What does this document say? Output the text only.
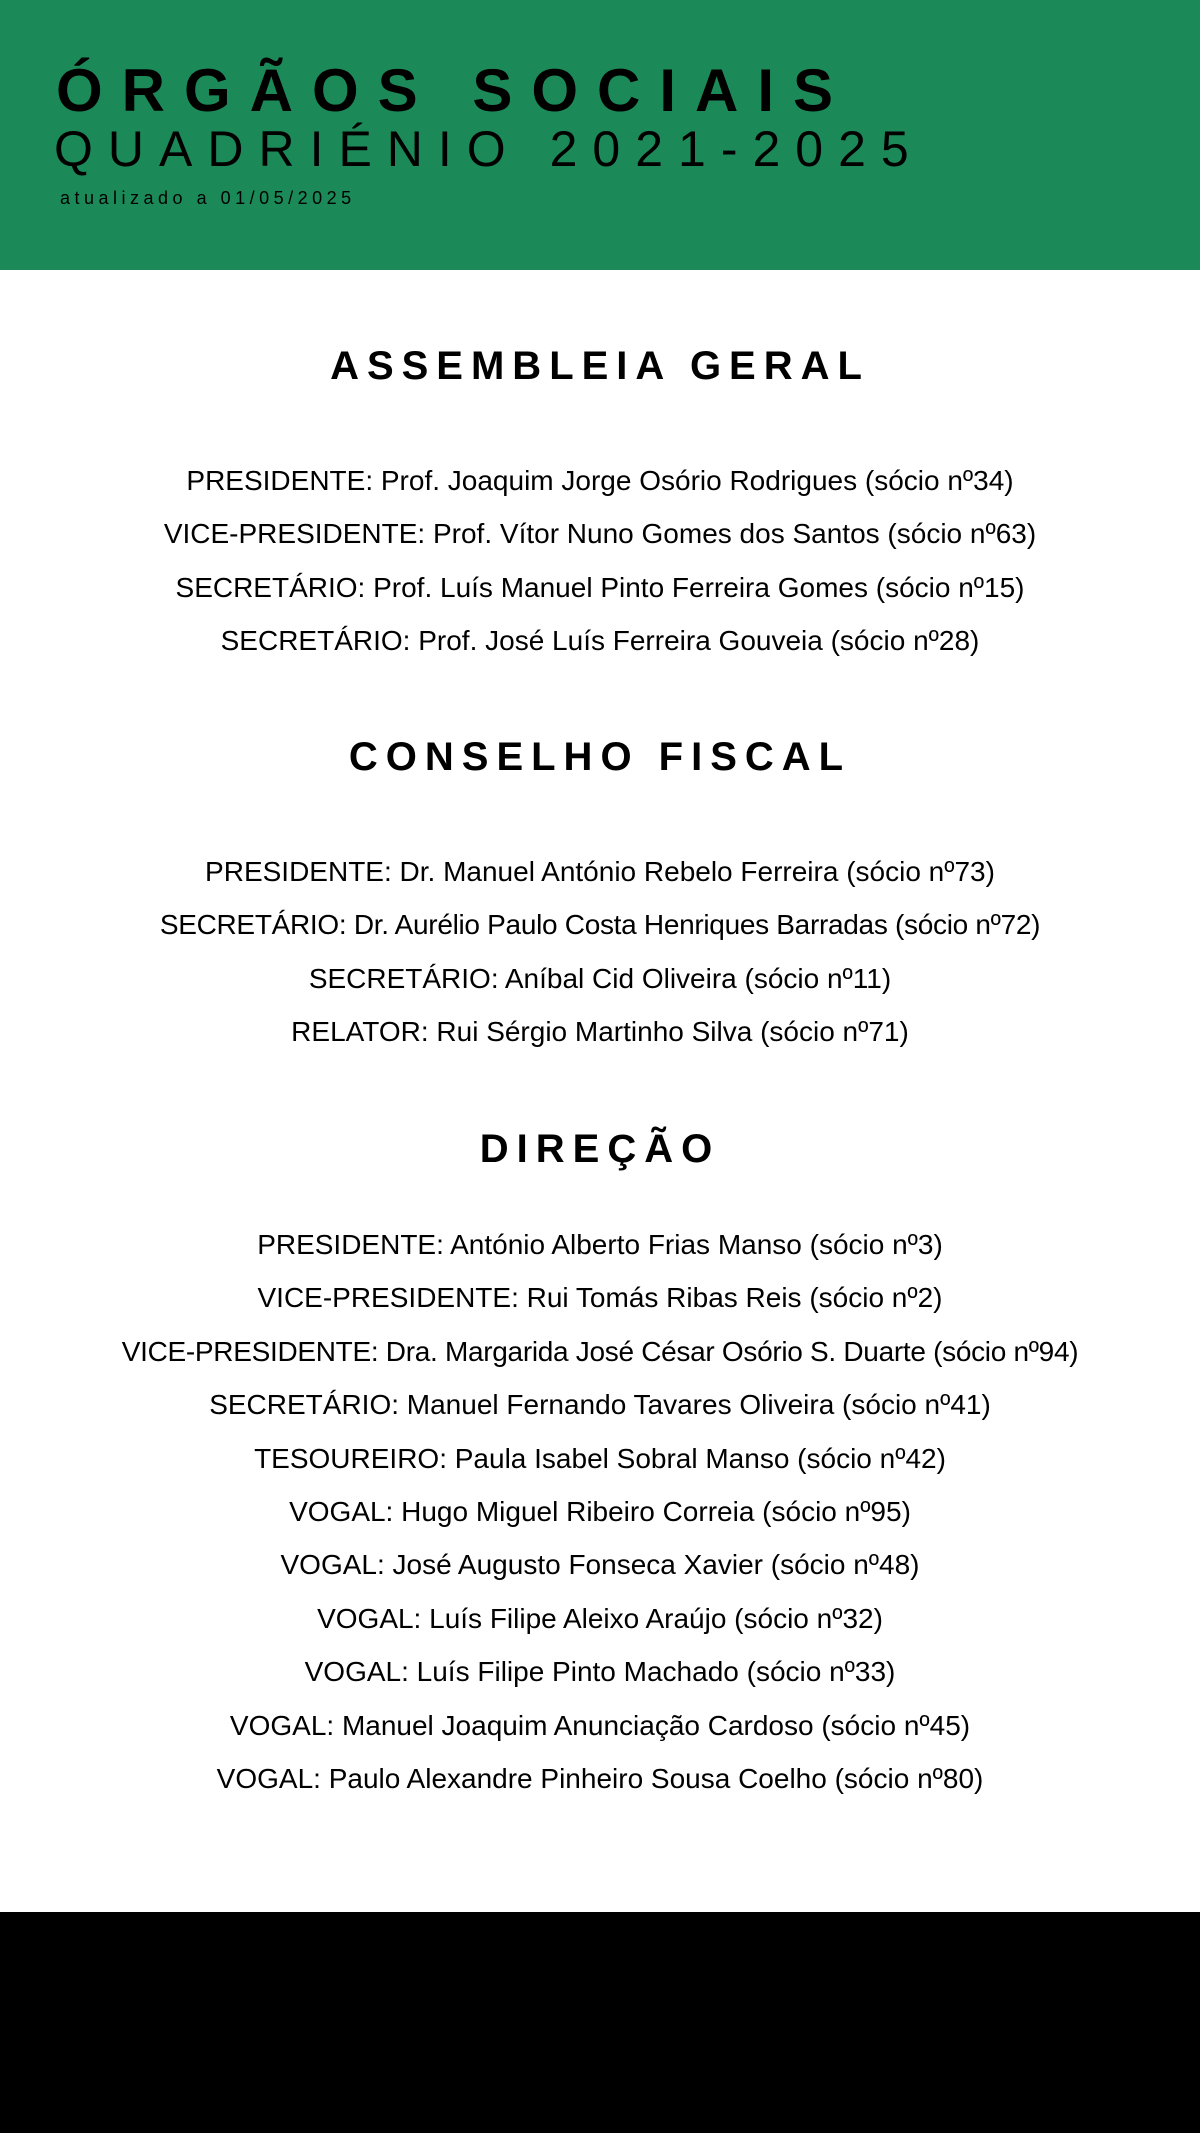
ÓRGÃOS SOCIAIS
QUADRIÉNIO 2021-2025

atualizado a 01/05/2025

ASSEMBLEIA GERAL
PRESIDENTE: Prof. Joaquim Jorge Osório Rodrigues (sócio nº34)
VICE-PRESIDENTE: Prof. Vítor Nuno Gomes dos Santos (sócio nº63)
SECRETÁRIO: Prof. Luís Manuel Pinto Ferreira Gomes (sócio nº15)
SECRETÁRIO: Prof. José Luís Ferreira Gouveia (sócio nº28)
CONSELHO FISCAL
PRESIDENTE: Dr. Manuel António Rebelo Ferreira (sócio nº73)
SECRETÁRIO: Dr. Aurélio Paulo Costa Henriques Barradas (sócio nº72)
SECRETÁRIO: Aníbal Cid Oliveira (sócio nº11)
RELATOR: Rui Sérgio Martinho Silva (sócio nº71)
DIREÇÃO
PRESIDENTE: António Alberto Frias Manso (sócio nº3)
VICE-PRESIDENTE: Rui Tomás Ribas Reis (sócio nº2)
VICE-PRESIDENTE: Dra. Margarida José César Osório S. Duarte (sócio nº94)
SECRETÁRIO: Manuel Fernando Tavares Oliveira (sócio nº41)
TESOUREIRO: Paula Isabel Sobral Manso (sócio nº42)
VOGAL: Hugo Miguel Ribeiro Correia (sócio nº95)
VOGAL: José Augusto Fonseca Xavier (sócio nº48)
VOGAL: Luís Filipe Aleixo Araújo (sócio nº32)
VOGAL: Luís Filipe Pinto Machado (sócio nº33)
VOGAL: Manuel Joaquim Anunciação Cardoso (sócio nº45)
VOGAL: Paulo Alexandre Pinheiro Sousa Coelho (sócio nº80)
